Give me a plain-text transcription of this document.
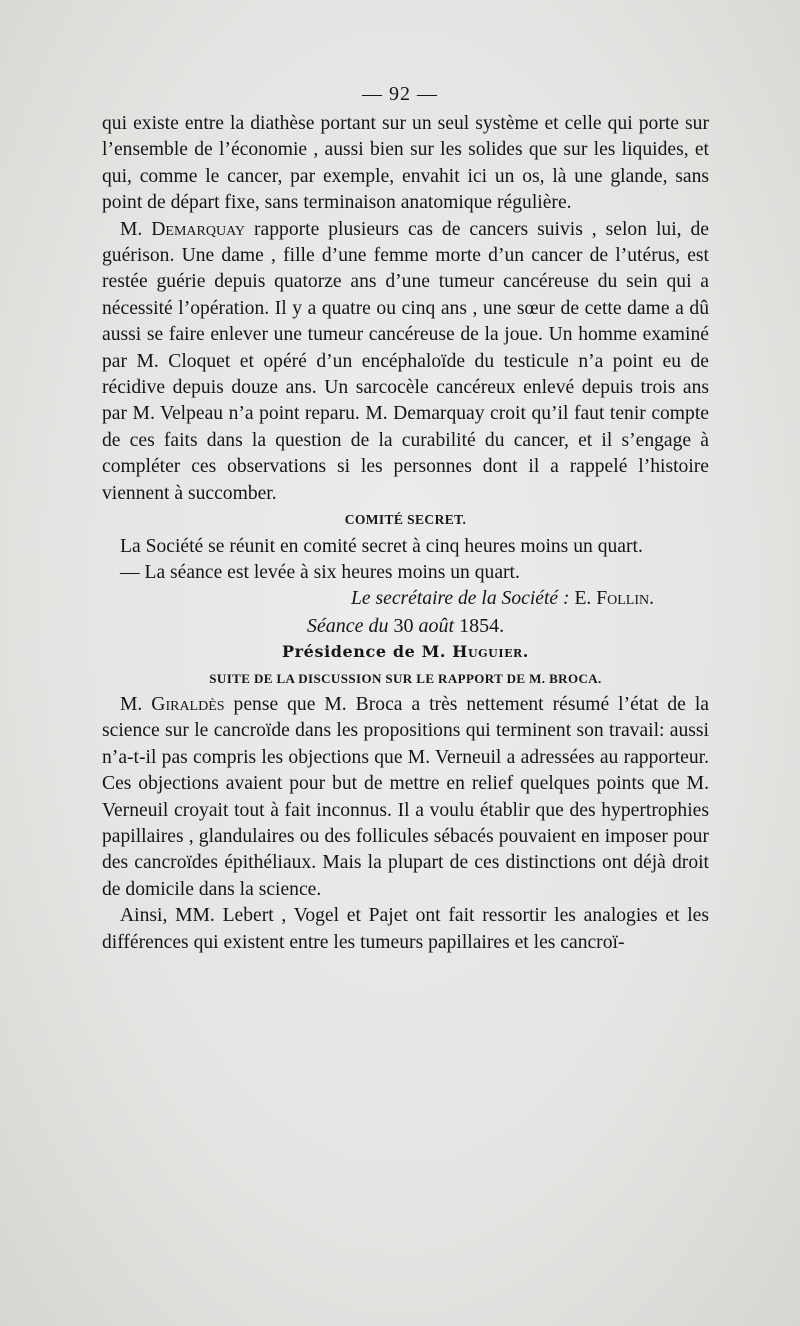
— 92 —

qui existe entre la diathèse portant sur un seul système et celle qui porte sur l’ensemble de l’économie , aussi bien sur les solides que sur les liquides, et qui, comme le cancer, par exemple, envahit ici un os, là une glande, sans point de départ fixe, sans terminaison anatomique régulière.

M. Demarquay rapporte plusieurs cas de cancers suivis , selon lui, de guérison. Une dame , fille d’une femme morte d’un cancer de l’utérus, est restée guérie depuis quatorze ans d’une tumeur cancéreuse du sein qui a nécessité l’opération. Il y a quatre ou cinq ans , une sœur de cette dame a dû aussi se faire enlever une tumeur cancéreuse de la joue. Un homme examiné par M. Cloquet et opéré d’un encéphaloïde du testicule n’a point eu de récidive depuis douze ans. Un sarcocèle cancéreux enlevé depuis trois ans par M. Velpeau n’a point reparu. M. Demarquay croit qu’il faut tenir compte de ces faits dans la question de la curabilité du cancer, et il s’engage à compléter ces observations si les personnes dont il a rappelé l’histoire viennent à succomber.

COMITÉ SECRET.

La Société se réunit en comité secret à cinq heures moins un quart.

— La séance est levée à six heures moins un quart.

Le secrétaire de la Société : E. Follin.

Séance du 30 août 1854.

Présidence de M. Huguier.

SUITE DE LA DISCUSSION SUR LE RAPPORT DE M. BROCA.

M. Giraldès pense que M. Broca a très nettement résumé l’état de la science sur le cancroïde dans les propositions qui terminent son travail: aussi n’a-t-il pas compris les objections que M. Verneuil a adressées au rapporteur. Ces objections avaient pour but de mettre en relief quelques points que M. Verneuil croyait tout à fait inconnus. Il a voulu établir que des hypertrophies papillaires , glandulaires ou des follicules sébacés pouvaient en imposer pour des cancroïdes épithéliaux. Mais la plupart de ces distinctions ont déjà droit de domicile dans la science.

Ainsi, MM. Lebert , Vogel et Pajet ont fait ressortir les analogies et les différences qui existent entre les tumeurs papillaires et les cancroï-
